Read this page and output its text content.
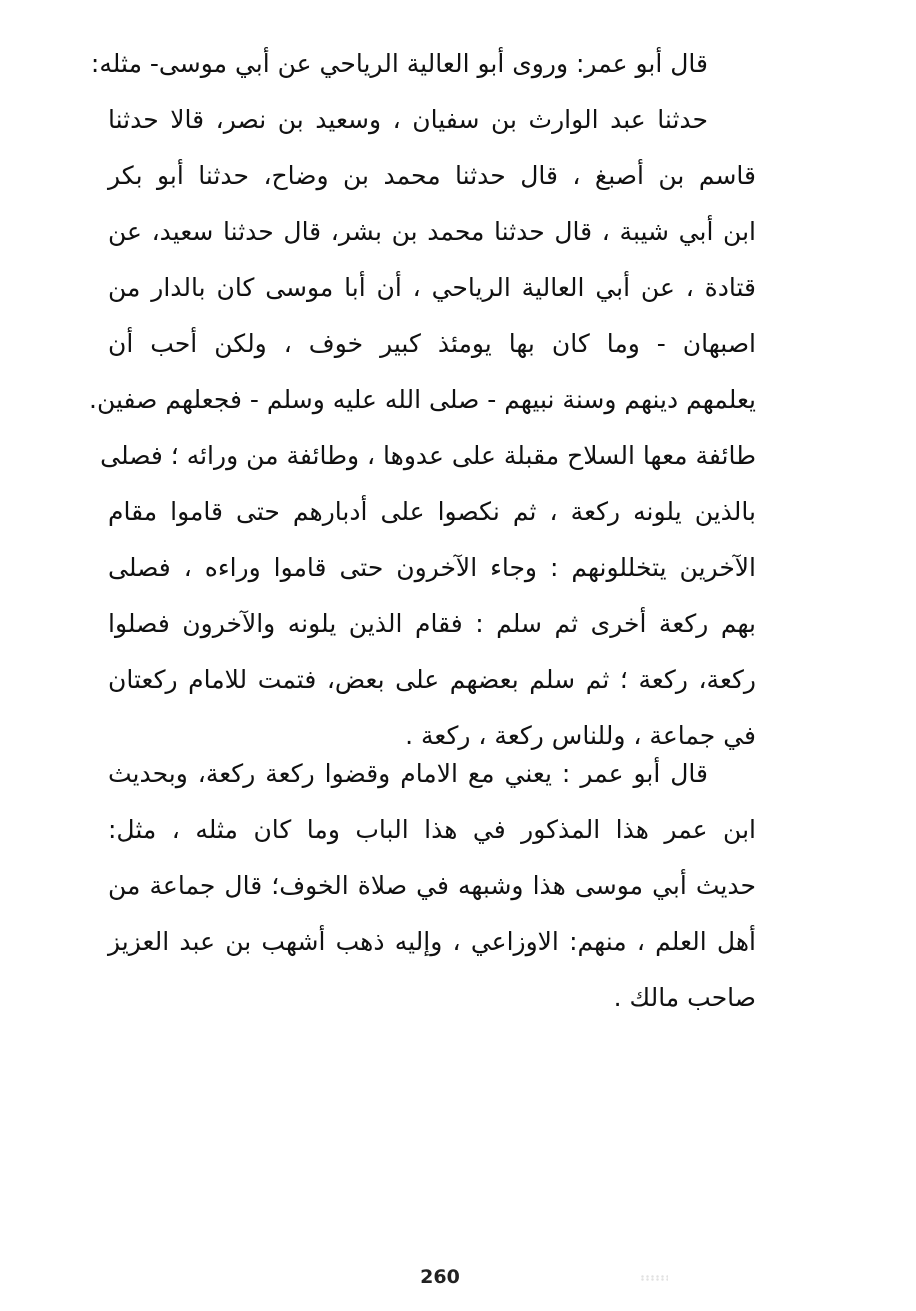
قال أبو عمر: وروى أبو العالية الرياحي عن أبي موسى- مثله:
حدثنا عبد الوارث بن سفيان ، وسعيد بن نصر، قالا حدثنا
قاسم بن أصبغ ، قال حدثنا محمد بن وضاح، حدثنا أبو بكر
ابن أبي شيبة ، قال حدثنا محمد بن بشر، قال حدثنا سعيد، عن
قتادة ، عن أبي العالية الرياحي ، أن أبا موسى كان بالدار من
اصبهان - وما كان بها يومئذ كبير خوف ، ولكن أحب أن
يعلمهم دينهم وسنة نبيهم - صلى الله عليه وسلم - فجعلهم صفين.
طائفة معها السلاح مقبلة على عدوها ، وطائفة من ورائه ؛ فصلى
بالذين يلونه ركعة ، ثم نكصوا على أدبارهم حتى قاموا مقام
الآخرين يتخللونهم : وجاء الآخرون حتى قاموا وراءه ، فصلى
بهم ركعة أخرى ثم سلم : فقام الذين يلونه والآخرون فصلوا
ركعة، ركعة ؛ ثم سلم بعضهم على بعض، فتمت للامام ركعتان
في جماعة ، وللناس ركعة ، ركعة .
قال أبو عمر : يعني مع الامام وقضوا ركعة ركعة، وبحديث
ابن عمر هذا المذكور في هذا الباب وما كان مثله ، مثل:
حديث أبي موسى هذا وشبهه في صلاة الخوف؛ قال جماعة من
أهل العلم ، منهم: الاوزاعي ، وإليه ذهب أشهب بن عبد العزيز
صاحب مالك .
260
